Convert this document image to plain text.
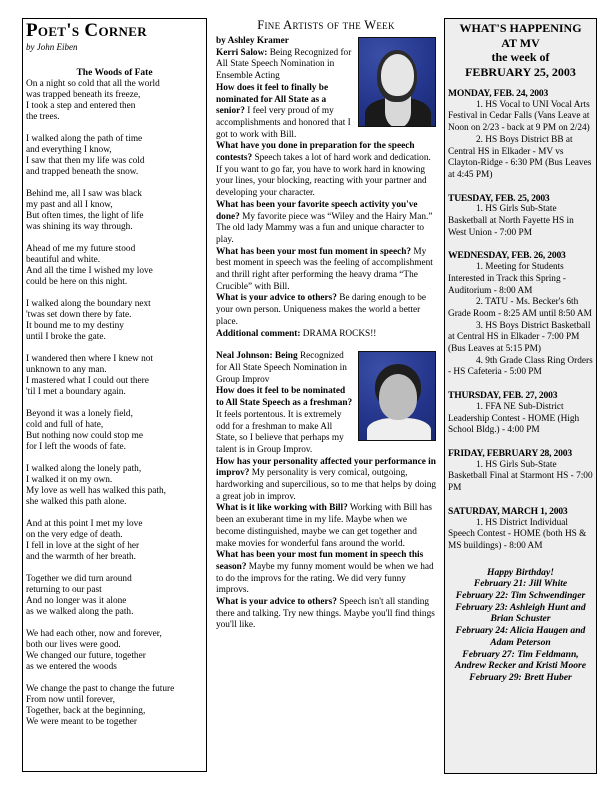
Poet's Corner
by John Eiben
The Woods of Fate
On a night so cold that all the world
was trapped beneath its freeze,
I took a step and entered then
the trees.
I walked along the path of time
and everything I know,
I saw that then my life was cold
and trapped beneath the snow.
Behind me, all I saw was black
my past and all I know,
But often times, the light of life
was shining its way through.
Ahead of me my future stood
beautiful and white.
And all the time I wished my love
could be here on this night.
I walked along the boundary next
'twas set down there by fate.
It bound me to my destiny
until I broke the gate.
I wandered then where I knew not
unknown to any man.
I mastered what I could out there
'til I met a boundary again.
Beyond it was a lonely field,
cold and full of hate,
But nothing now could stop me
for I left the woods of fate.
I walked along the lonely path,
I walked it on my own.
My love as well has walked this path,
she walked this path alone.
And at this point I met my love
on the very edge of death.
I fell in love at the sight of her
and the warmth of her breath.
Together we did turn around
returning to our past
And no longer was it alone
as we walked along the path.
We had each other, now and forever,
both our lives were good.
We changed our future, together
as we entered the woods
We change the past to change the future
From now until forever,
Together, back at the beginning,
We were meant to be together
Fine Artists of the Week
by Ashley Kramer
Kerri Salow: Being Recognized for All State Speech Nomination in Ensemble Acting
How does it feel to finally be nominated for All State as a senior? I feel very proud of my accomplishments and honored that I got to work with Bill.
What have you done in preparation for the speech contests? Speech takes a lot of hard work and dedication. If you want to go far, you have to work hard in knowing your lines, your blocking, reacting with your partner and developing your character.
What has been your favorite speech activity you've done? My favorite piece was “Wiley and the Hairy Man.” The old lady Mammy was a fun and unique character to play.
What has been your most fun moment in speech? My best moment in speech was the feeling of accomplishment and thrill right after performing the heavy drama “The Crucible” with Bill.
What is your advice to others? Be daring enough to be your own person. Uniqueness makes the world a better place.
Additional comment: DRAMA ROCKS!!
Neal Johnson: Being Recognized for All State Speech Nomination in Group Improv
How does it feel to be nominated to All State Speech as a freshman? It feels portentous. It is extremely odd for a freshman to make All State, so I believe that perhaps my talent is in Group Improv.
How has your personality affected your performance in improv? My personality is very comical, outgoing, hardworking and supercilious, so to me that helps by doing a great job in improv.
What is it like working with Bill? Working with Bill has been an exuberant time in my life. Maybe when we become distinguished, maybe we can get together and make movies for wonderful fans around the world.
What has been your most fun moment in speech this season? Maybe my funny moment would be when we had to do the improvs for the rating. We did very funny improvs.
What is your advice to others? Speech isn't all standing there and talking. Try new things. Maybe you'll find things you'll like.
WHAT'S HAPPENING
AT MV
the week of
FEBRUARY 25, 2003
MONDAY, FEB. 24, 2003
1. HS Vocal to UNI Vocal Arts Festival in Cedar Falls (Vans Leave at Noon on 2/23 - back at 9 PM on 2/24)
2. HS Boys District BB at Central HS in Elkader - MV vs Clayton-Ridge - 6:30 PM (Bus Leaves at 4:45 PM)
TUESDAY, FEB. 25, 2003
1. HS Girls Sub-State Basketball at North Fayette HS in West Union - 7:00 PM
WEDNESDAY, FEB. 26, 2003
1. Meeting for Students Interested in Track this Spring - Auditorium - 8:00 AM
2. TATU - Ms. Becker's 6th Grade Room - 8:25 AM until 8:50 AM
3. HS Boys District Basketball at Central HS in Elkader - 7:00 PM (Bus Leaves at 5:15 PM)
4. 9th Grade Class Ring Orders - HS Cafeteria - 5:00 PM
THURSDAY, FEB. 27, 2003
1. FFA NE Sub-District Leadership Contest - HOME (High School Bldg.) - 4:00 PM
FRIDAY, FEBRUARY 28, 2003
1. HS Girls Sub-State Basketball Final at Starmont HS - 7:00 PM
SATURDAY, MARCH 1, 2003
1. HS District Individual Speech Contest - HOME (both HS & MS buildings) - 8:00 AM
Happy Birthday!
February 21: Jill White
February 22: Tim Schwendinger
February 23: Ashleigh Hunt and Brian Schuster
February 24: Alicia Haugen and Adam Peterson
February 27: Tim Feldmann, Andrew Recker and Kristi Moore
February 29: Brett Huber
